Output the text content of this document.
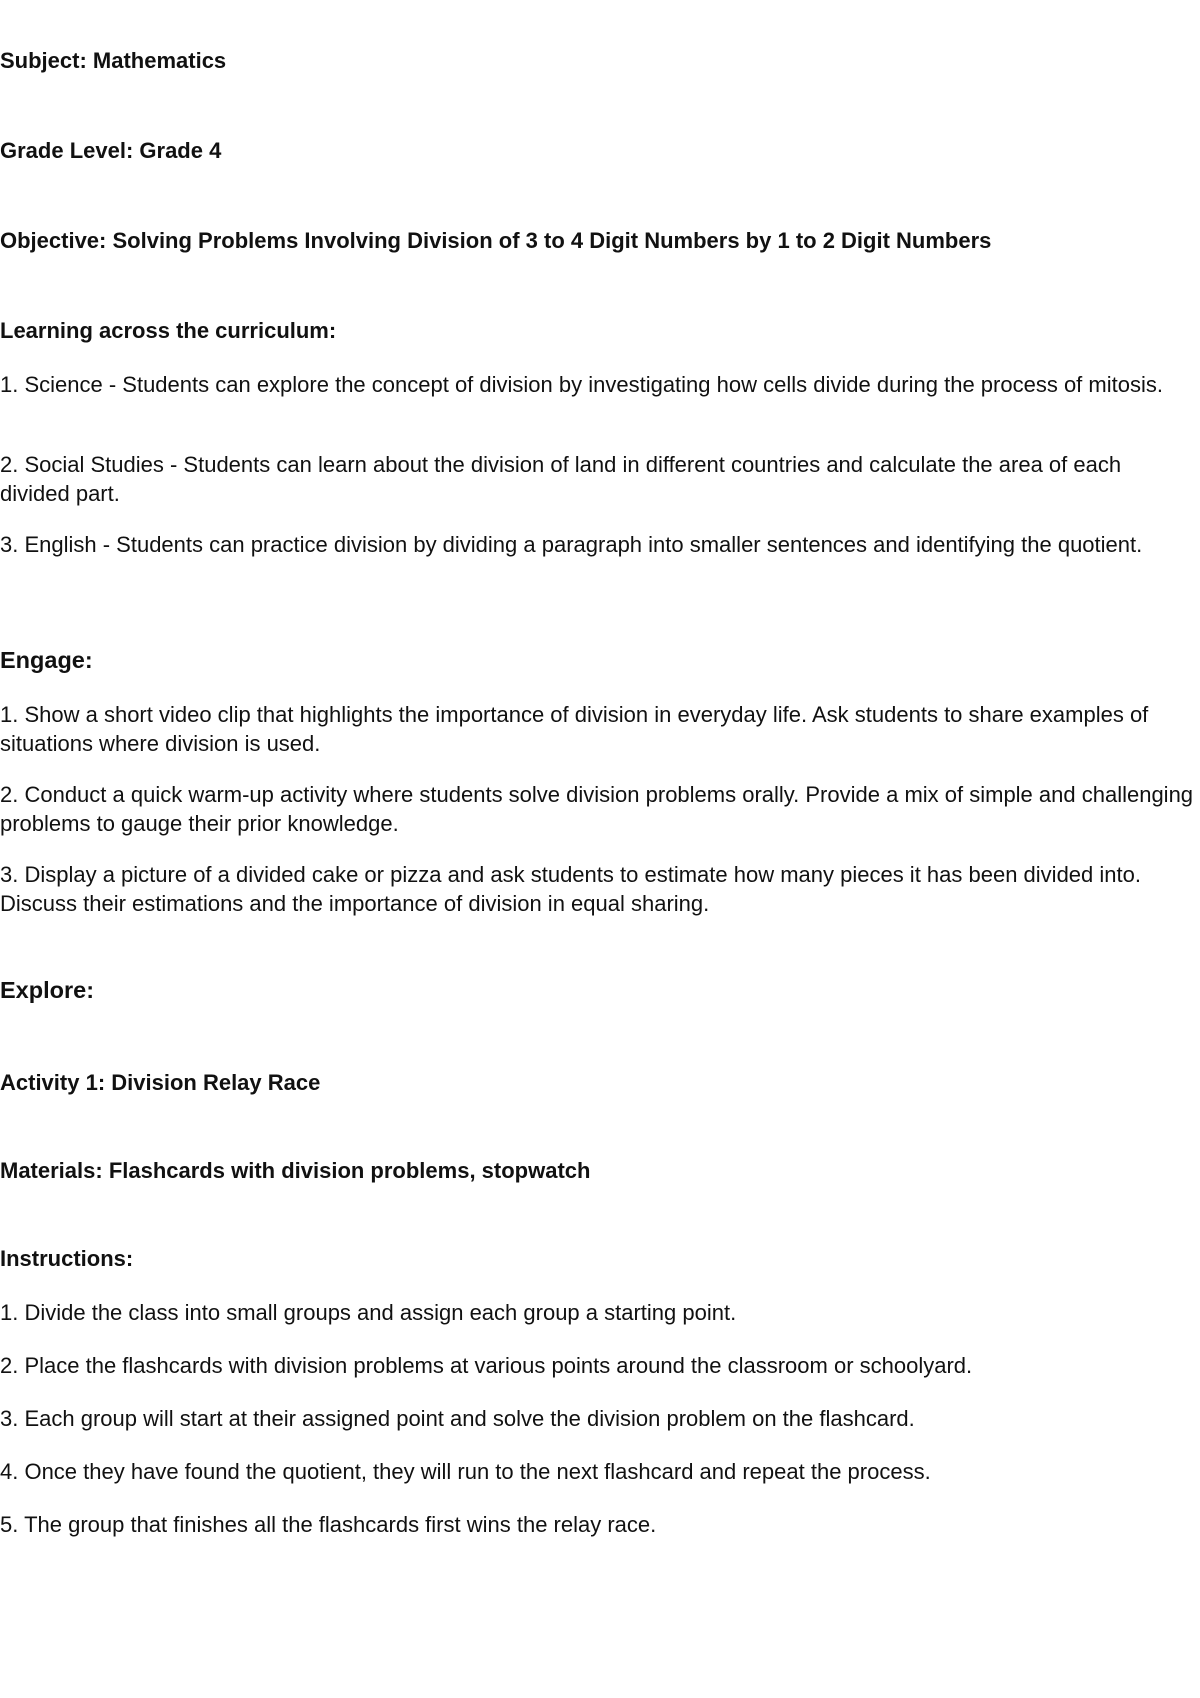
Subject: Mathematics

Grade Level: Grade 4

Objective: Solving Problems Involving Division of 3 to 4 Digit Numbers by 1 to 2 Digit Numbers

Learning across the curriculum:

1. Science - Students can explore the concept of division by investigating how cells divide during the process of mitosis.

2. Social Studies - Students can learn about the division of land in different countries and calculate the area of each divided part.

3. English - Students can practice division by dividing a paragraph into smaller sentences and identifying the quotient.

Engage:

1. Show a short video clip that highlights the importance of division in everyday life. Ask students to share examples of situations where division is used.

2. Conduct a quick warm-up activity where students solve division problems orally. Provide a mix of simple and challenging problems to gauge their prior knowledge.

3. Display a picture of a divided cake or pizza and ask students to estimate how many pieces it has been divided into. Discuss their estimations and the importance of division in equal sharing.

Explore:

Activity 1: Division Relay Race

Materials: Flashcards with division problems, stopwatch

Instructions:

1. Divide the class into small groups and assign each group a starting point.

2. Place the flashcards with division problems at various points around the classroom or schoolyard.

3. Each group will start at their assigned point and solve the division problem on the flashcard.

4. Once they have found the quotient, they will run to the next flashcard and repeat the process.

5. The group that finishes all the flashcards first wins the relay race.
